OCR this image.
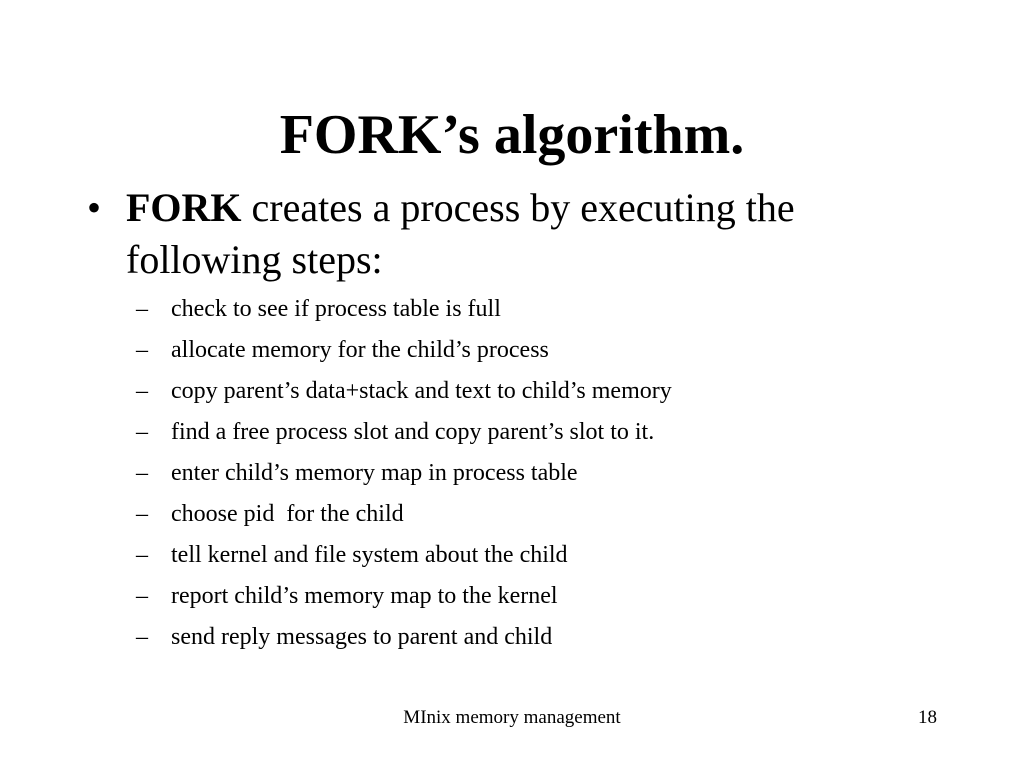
FORK’s algorithm.
• FORK creates a process by executing the following steps:
– check to see if process table is full
– allocate memory for the child’s process
– copy parent’s data+stack and text to child’s memory
– find a free process slot and copy parent’s slot to it.
– enter child’s memory map in process table
– choose pid  for the child
– tell kernel and file system about the child
– report child’s memory map to the kernel
– send reply messages to parent and child
MInix memory management	18
